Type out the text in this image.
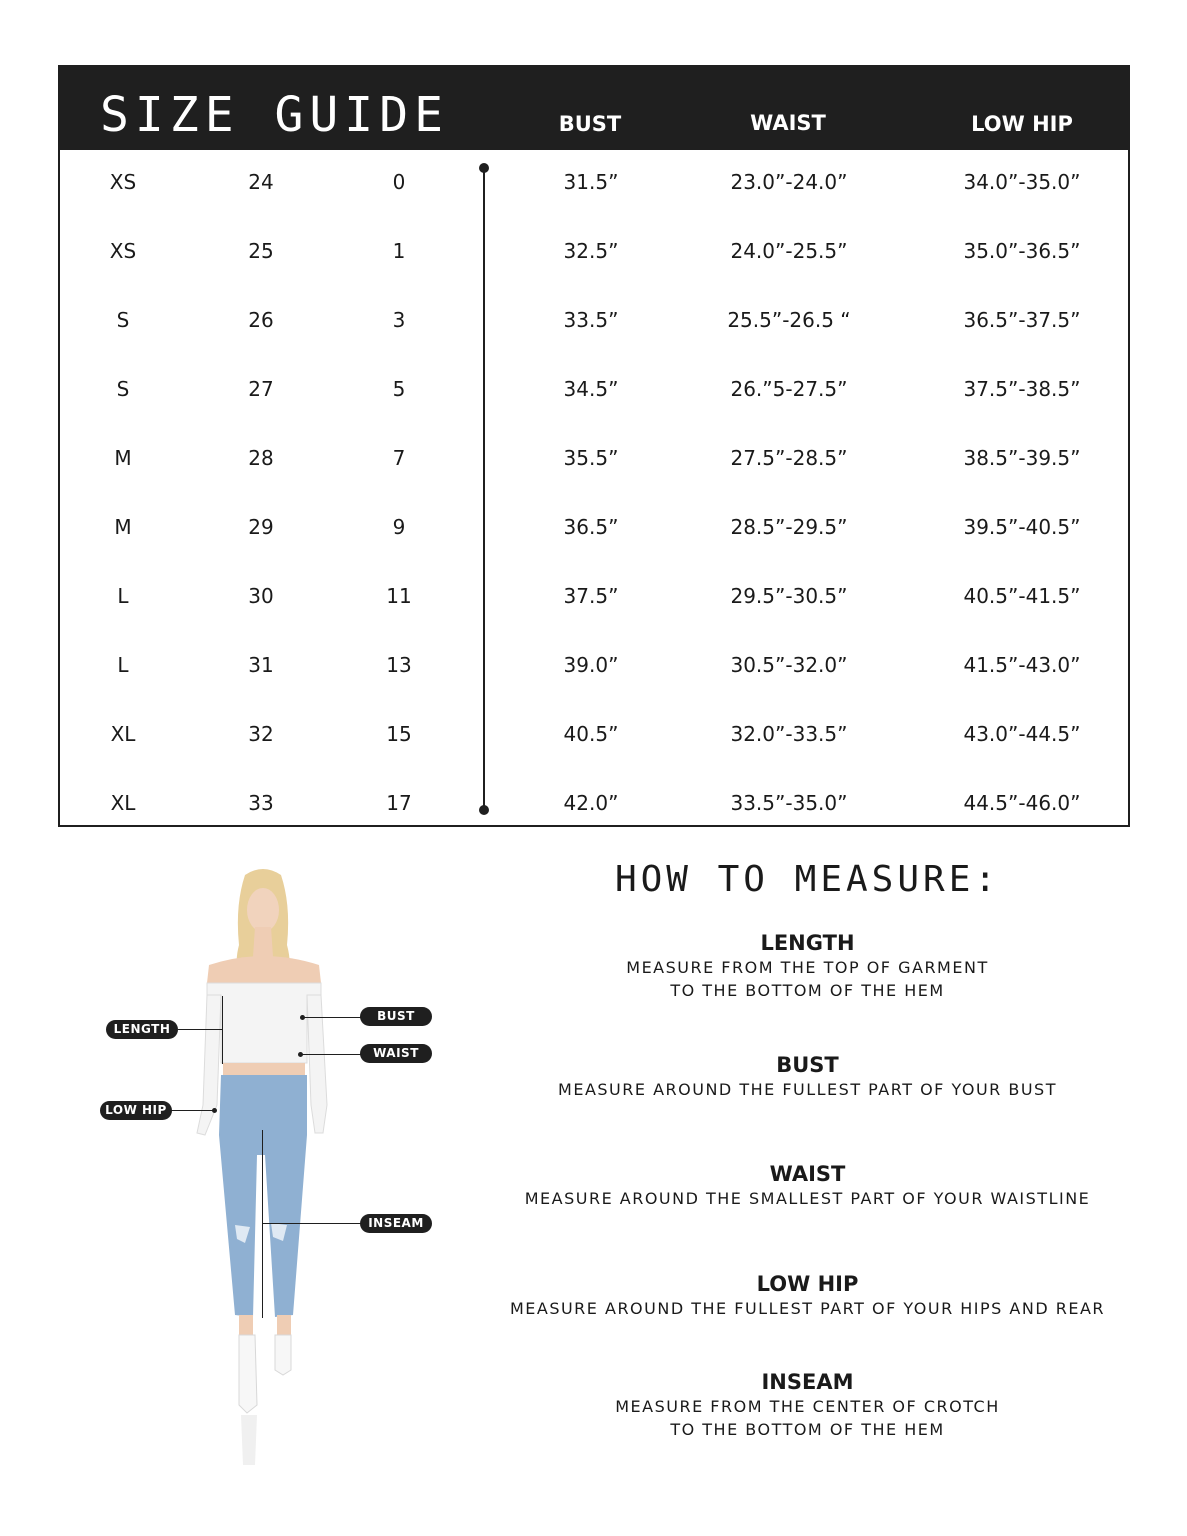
SIZE GUIDE	BUST	WAIST	LOW HIP
XS	24	0	31.5”	23.0”-24.0”	34.0”-35.0”
XS	25	1	32.5”	24.0”-25.5”	35.0”-36.5”
S	26	3	33.5”	25.5”-26.5 “	36.5”-37.5”
S	27	5	34.5”	26.”5-27.5”	37.5”-38.5”
M	28	7	35.5”	27.5”-28.5”	38.5”-39.5”
M	29	9	36.5”	28.5”-29.5”	39.5”-40.5”
L	30	11	37.5”	29.5”-30.5”	40.5”-41.5”
L	31	13	39.0”	30.5”-32.0”	41.5”-43.0”
XL	32	15	40.5”	32.0”-33.5”	43.0”-44.5”
XL	33	17	42.0”	33.5”-35.0”	44.5”-46.0”
LENGTH
BUST
WAIST
LOW HIP
INSEAM
HOW TO MEASURE:
LENGTH
MEASURE FROM THE TOP OF GARMENT
TO THE BOTTOM OF THE HEM
BUST
MEASURE AROUND THE FULLEST PART OF YOUR BUST
WAIST
MEASURE AROUND THE SMALLEST PART OF YOUR WAISTLINE
LOW HIP
MEASURE AROUND THE FULLEST PART OF YOUR HIPS AND REAR
INSEAM
MEASURE FROM THE CENTER OF CROTCH
TO THE BOTTOM OF THE HEM
